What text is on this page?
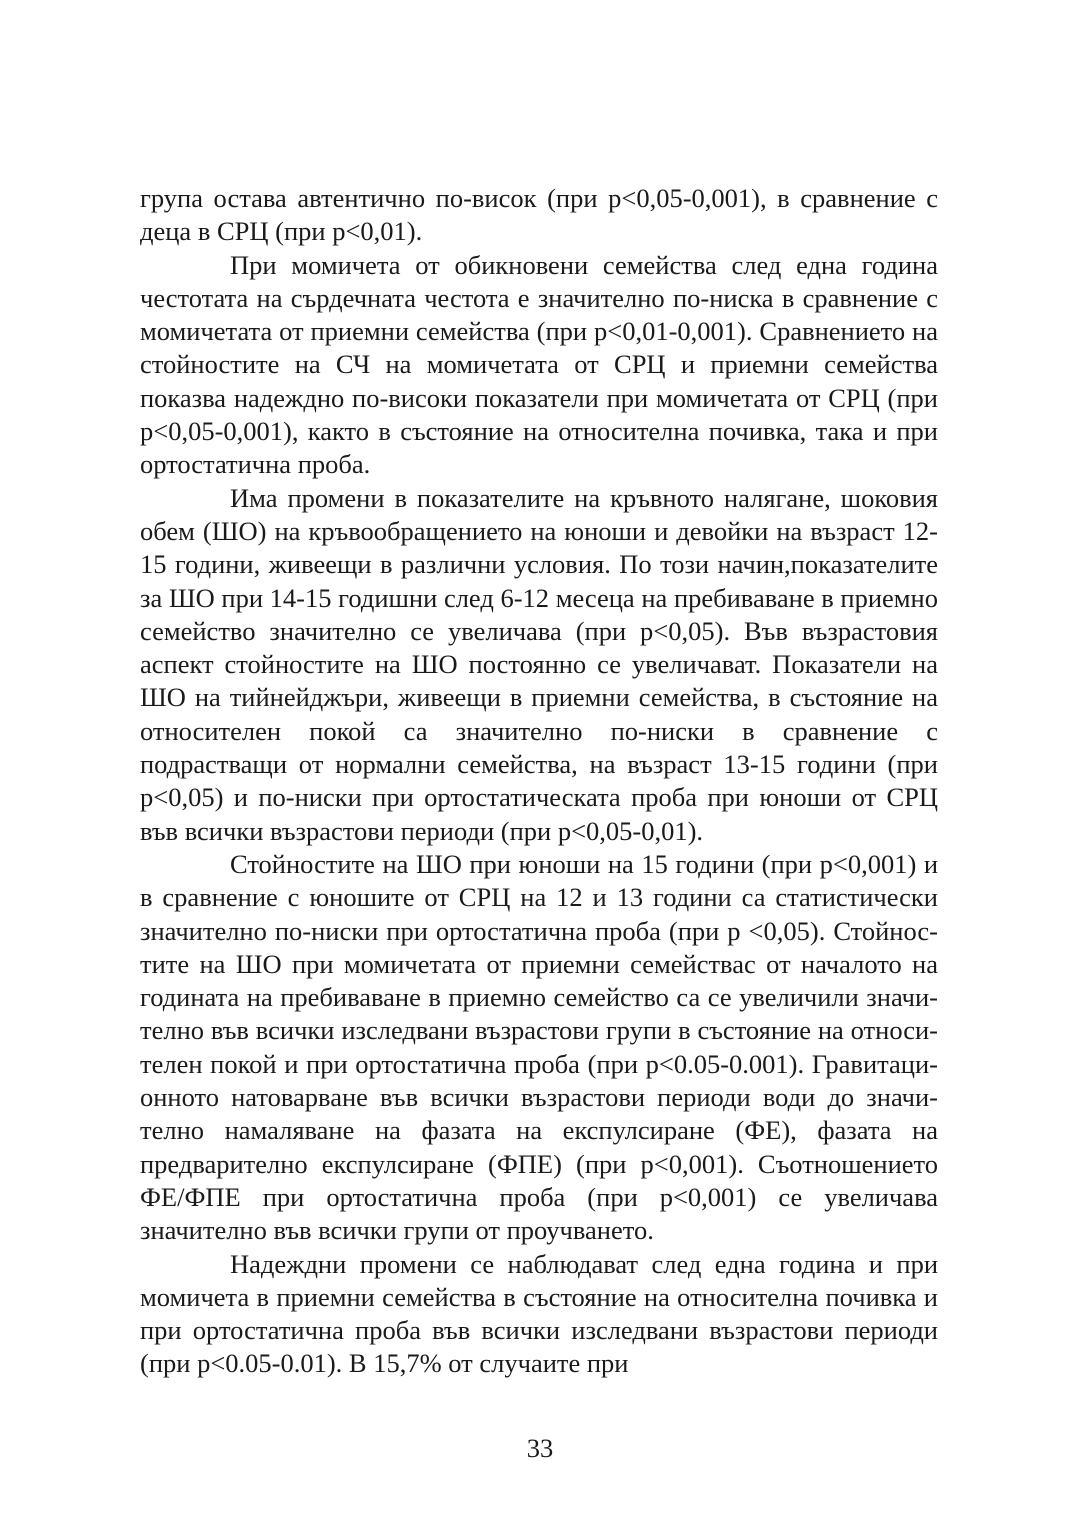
група остава автентично по-висок (при p<0,05-0,001), в сравнение с деца в СРЦ (при p<0,01).

При момичета от обикновени семейства след една година честотата на сърдечната честота е значително по-ниска в сравнение с момичетата от приемни семейства (при p<0,01-0,001). Сравнението на стойностите на СЧ на момичетата от СРЦ и приемни семейства показва надеждно по-високи показатели при момичетата от СРЦ (при p<0,05-0,001), както в състояние на относителна почивка, така и при ортостатична проба.

Има промени в показателите на кръвното налягане, шоковия обем (ШО) на кръвообращението на юноши и девойки на възраст 12-15 години, живеещи в различни условия. По този начин,показателите за ШО при 14-15 годишни след 6-12 месеца на пребиваване в приемно семейство значително се увеличава (при p<0,05). Във възрастовия аспект стойностите на ШО постоянно се увеличават. Показатели на ШО на тийнейджъри, живеещи в приемни семейства, в състояние на относителен покой са значително по-ниски в сравнение с подрастващи от нормални семейства, на възраст 13-15 години (при p<0,05) и по-ниски при ортостатическата проба при юноши от СРЦ във всички възрастови периоди (при p<0,05-0,01).

Стойностите на ШО при юноши на 15 години (при p<0,001) и в сравнение с юношите от СРЦ на 12 и 13 години са статистически значително по-ниски при ортостатична проба (при р <0,05). Стойностите на ШО при момичетата от приемни семействас от началото на годината на пребиваване в приемно семейство са се увеличили значително във всички изследвани възрастови групи в състояние на относителен покой и при ортостатична проба (при p<0.05-0.001). Гравитационното натоварване във всички възрастови периоди води до значително намаляване на фазата на експулсиране (ФЕ), фазата на предварително експулсиране (ФПЕ) (при p<0,001). Съотношението ФЕ/ФПЕ при ортостатична проба (при p<0,001) се увеличава значително във всички групи от проучването.

Надеждни промени се наблюдават след една година и при момичета в приемни семейства в състояние на относителна почивка и при ортостатична проба във всички изследвани възрастови периоди (при p<0.05-0.01). В 15,7% от случаите при

33
